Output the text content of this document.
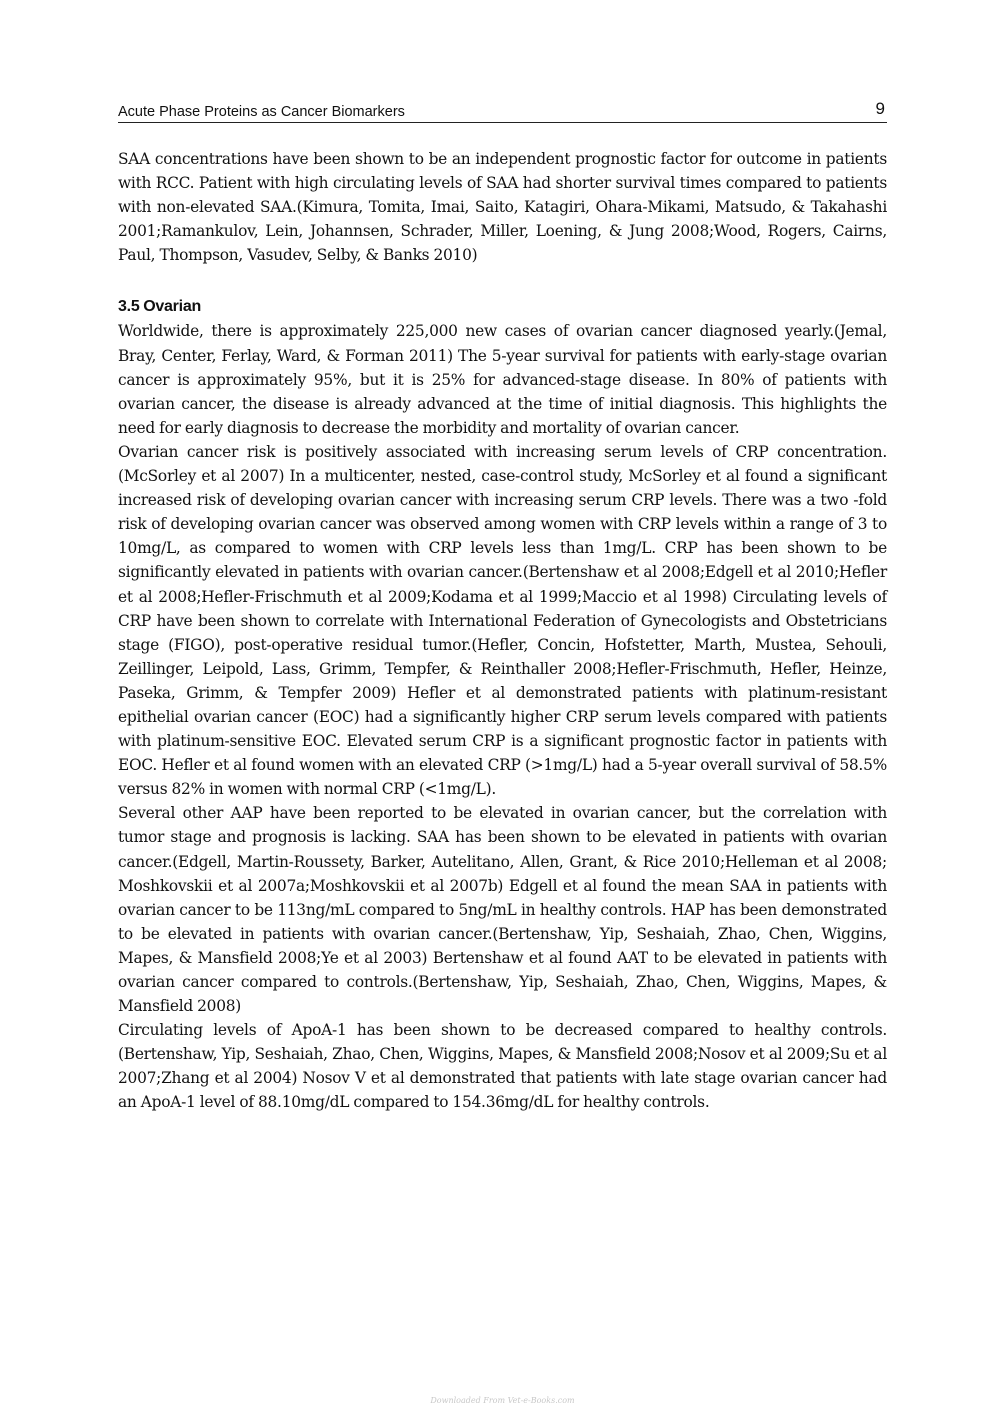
Acute Phase Proteins as Cancer Biomarkers	9

SAA concentrations have been shown to be an independent prognostic factor for outcome in patients with RCC. Patient with high circulating levels of SAA had shorter survival times compared to patients with non-elevated SAA.(Kimura, Tomita, Imai, Saito, Katagiri, Ohara-Mikami, Matsudo, & Takahashi 2001;Ramankulov, Lein, Johannsen, Schrader, Miller, Loening, & Jung 2008;Wood, Rogers, Cairns, Paul, Thompson, Vasudev, Selby, & Banks 2010)

3.5 Ovarian

Worldwide, there is approximately 225,000 new cases of ovarian cancer diagnosed yearly.(Jemal, Bray, Center, Ferlay, Ward, & Forman 2011) The 5-year survival for patients with early-stage ovarian cancer is approximately 95%, but it is 25% for advanced-stage disease. In 80% of patients with ovarian cancer, the disease is already advanced at the time of initial diagnosis. This highlights the need for early diagnosis to decrease the morbidity and mortality of ovarian cancer.

Ovarian cancer risk is positively associated with increasing serum levels of CRP concentration.(McSorley et al 2007) In a multicenter, nested, case-control study, McSorley et al found a significant increased risk of developing ovarian cancer with increasing serum CRP levels. There was a two -fold risk of developing ovarian cancer was observed among women with CRP levels within a range of 3 to 10mg/L, as compared to women with CRP levels less than 1mg/L. CRP has been shown to be significantly elevated in patients with ovarian cancer.(Bertenshaw et al 2008;Edgell et al 2010;Hefler et al 2008;Hefler-Frischmuth et al 2009;Kodama et al 1999;Maccio et al 1998) Circulating levels of CRP have been shown to correlate with International Federation of Gynecologists and Obstetricians stage (FIGO), post-operative residual tumor.(Hefler, Concin, Hofstetter, Marth, Mustea, Sehouli, Zeillinger, Leipold, Lass, Grimm, Tempfer, & Reinthaller 2008;Hefler-Frischmuth, Hefler, Heinze, Paseka, Grimm, & Tempfer 2009) Hefler et al demonstrated patients with platinum-resistant epithelial ovarian cancer (EOC) had a significantly higher CRP serum levels compared with patients with platinum-sensitive EOC. Elevated serum CRP is a significant prognostic factor in patients with EOC. Hefler et al found women with an elevated CRP (>1mg/L) had a 5-year overall survival of 58.5% versus 82% in women with normal CRP (<1mg/L).

Several other AAP have been reported to be elevated in ovarian cancer, but the correlation with tumor stage and prognosis is lacking. SAA has been shown to be elevated in patients with ovarian cancer.(Edgell, Martin-Roussety, Barker, Autelitano, Allen, Grant, & Rice 2010;Helleman et al 2008; Moshkovskii et al 2007a;Moshkovskii et al 2007b) Edgell et al found the mean SAA in patients with ovarian cancer to be 113ng/mL compared to 5ng/mL in healthy controls. HAP has been demonstrated to be elevated in patients with ovarian cancer.(Bertenshaw, Yip, Seshaiah, Zhao, Chen, Wiggins, Mapes, & Mansfield 2008;Ye et al 2003) Bertenshaw et al found AAT to be elevated in patients with ovarian cancer compared to controls.(Bertenshaw, Yip, Seshaiah, Zhao, Chen, Wiggins, Mapes, & Mansfield 2008)

Circulating levels of ApoA-1 has been shown to be decreased compared to healthy controls.(Bertenshaw, Yip, Seshaiah, Zhao, Chen, Wiggins, Mapes, & Mansfield 2008;Nosov et al 2009;Su et al 2007;Zhang et al 2004) Nosov V et al demonstrated that patients with late stage ovarian cancer had an ApoA-1 level of 88.10mg/dL compared to 154.36mg/dL for healthy controls.

Downloaded From Vet-e-Books.com
